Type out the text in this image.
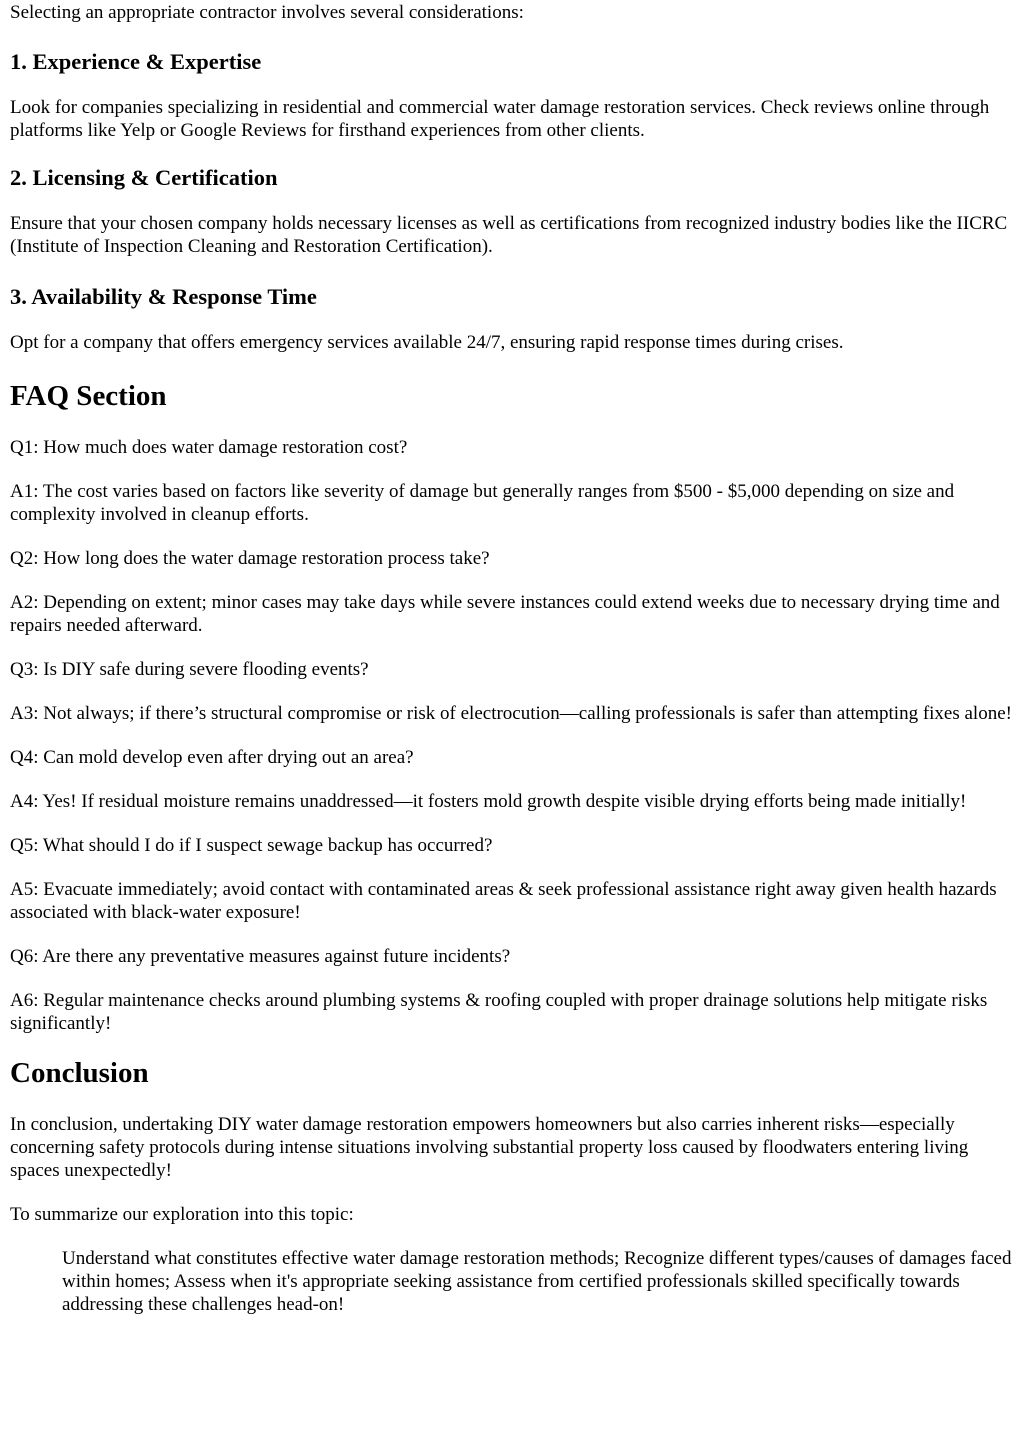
Selecting an appropriate contractor involves several considerations:

1. Experience & Expertise

Look for companies specializing in residential and commercial water damage restoration services. Check reviews online through platforms like Yelp or Google Reviews for firsthand experiences from other clients.

2. Licensing & Certification

Ensure that your chosen company holds necessary licenses as well as certifications from recognized industry bodies like the IICRC (Institute of Inspection Cleaning and Restoration Certification).

3. Availability & Response Time

Opt for a company that offers emergency services available 24/7, ensuring rapid response times during crises.

FAQ Section

Q1: How much does water damage restoration cost?

A1: The cost varies based on factors like severity of damage but generally ranges from $500 - $5,000 depending on size and complexity involved in cleanup efforts.

Q2: How long does the water damage restoration process take?

A2: Depending on extent; minor cases may take days while severe instances could extend weeks due to necessary drying time and repairs needed afterward.

Q3: Is DIY safe during severe flooding events?

A3: Not always; if there’s structural compromise or risk of electrocution—calling professionals is safer than attempting fixes alone!

Q4: Can mold develop even after drying out an area?

A4: Yes! If residual moisture remains unaddressed—it fosters mold growth despite visible drying efforts being made initially!

Q5: What should I do if I suspect sewage backup has occurred?

A5: Evacuate immediately; avoid contact with contaminated areas & seek professional assistance right away given health hazards associated with black-water exposure!

Q6: Are there any preventative measures against future incidents?

A6: Regular maintenance checks around plumbing systems & roofing coupled with proper drainage solutions help mitigate risks significantly!

Conclusion

In conclusion, undertaking DIY water damage restoration empowers homeowners but also carries inherent risks—especially concerning safety protocols during intense situations involving substantial property loss caused by floodwaters entering living spaces unexpectedly!

To summarize our exploration into this topic:

Understand what constitutes effective water damage restoration methods; Recognize different types/causes of damages faced within homes; Assess when it's appropriate seeking assistance from certified professionals skilled specifically towards addressing these challenges head-on!
